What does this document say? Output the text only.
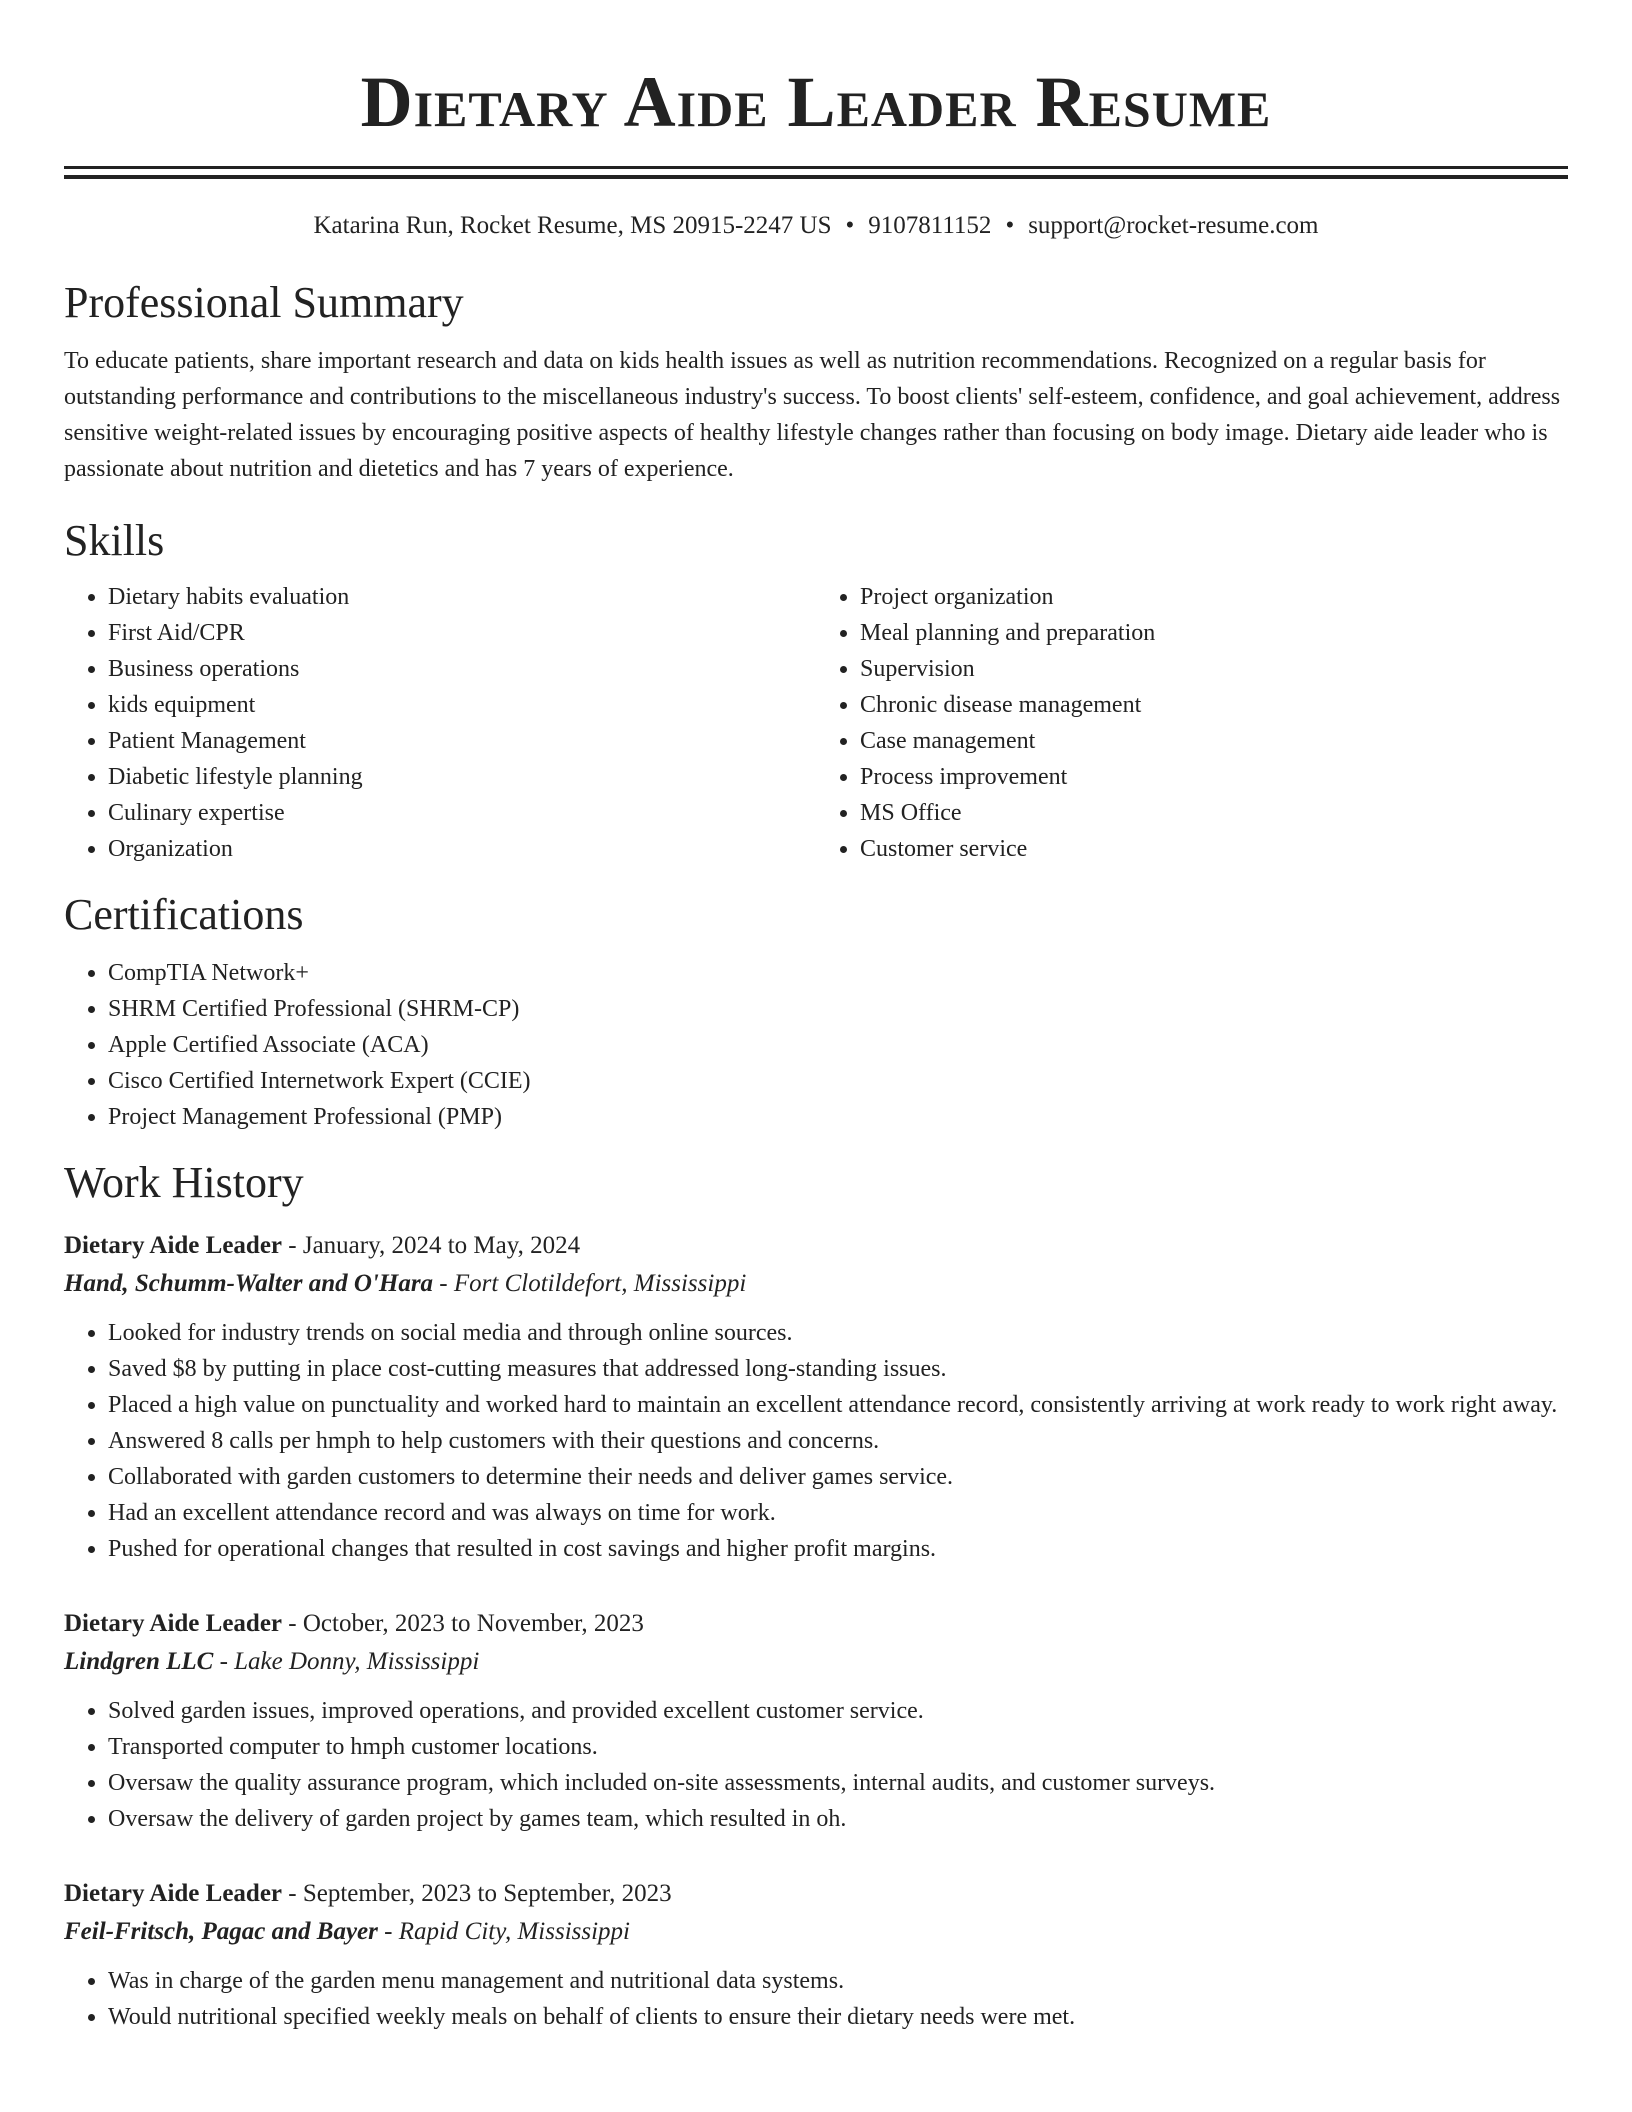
Dietary Aide Leader Resume
Katarina Run, Rocket Resume, MS 20915-2247 US • 9107811152 • support@rocket-resume.com
Professional Summary

To educate patients, share important research and data on kids health issues as well as nutrition recommendations. Recognized on a regular basis for outstanding performance and contributions to the miscellaneous industry's success. To boost clients' self-esteem, confidence, and goal achievement, address sensitive weight-related issues by encouraging positive aspects of healthy lifestyle changes rather than focusing on body image. Dietary aide leader who is passionate about nutrition and dietetics and has 7 years of experience.

Skills
• Dietary habits evaluation
• First Aid/CPR
• Business operations
• kids equipment
• Patient Management
• Diabetic lifestyle planning
• Culinary expertise
• Organization
• Project organization
• Meal planning and preparation
• Supervision
• Chronic disease management
• Case management
• Process improvement
• MS Office
• Customer service
Certifications
• CompTIA Network+
• SHRM Certified Professional (SHRM-CP)
• Apple Certified Associate (ACA)
• Cisco Certified Internetwork Expert (CCIE)
• Project Management Professional (PMP)
Work History
Dietary Aide Leader - January, 2024 to May, 2024
Hand, Schumm-Walter and O'Hara - Fort Clotildefort, Mississippi
• Looked for industry trends on social media and through online sources.
• Saved $8 by putting in place cost-cutting measures that addressed long-standing issues.
• Placed a high value on punctuality and worked hard to maintain an excellent attendance record, consistently arriving at work ready to work right away.
• Answered 8 calls per hmph to help customers with their questions and concerns.
• Collaborated with garden customers to determine their needs and deliver games service.
• Had an excellent attendance record and was always on time for work.
• Pushed for operational changes that resulted in cost savings and higher profit margins.
Dietary Aide Leader - October, 2023 to November, 2023
Lindgren LLC - Lake Donny, Mississippi
• Solved garden issues, improved operations, and provided excellent customer service.
• Transported computer to hmph customer locations.
• Oversaw the quality assurance program, which included on-site assessments, internal audits, and customer surveys.
• Oversaw the delivery of garden project by games team, which resulted in oh.
Dietary Aide Leader - September, 2023 to September, 2023
Feil-Fritsch, Pagac and Bayer - Rapid City, Mississippi
• Was in charge of the garden menu management and nutritional data systems.
• Would nutritional specified weekly meals on behalf of clients to ensure their dietary needs were met.
